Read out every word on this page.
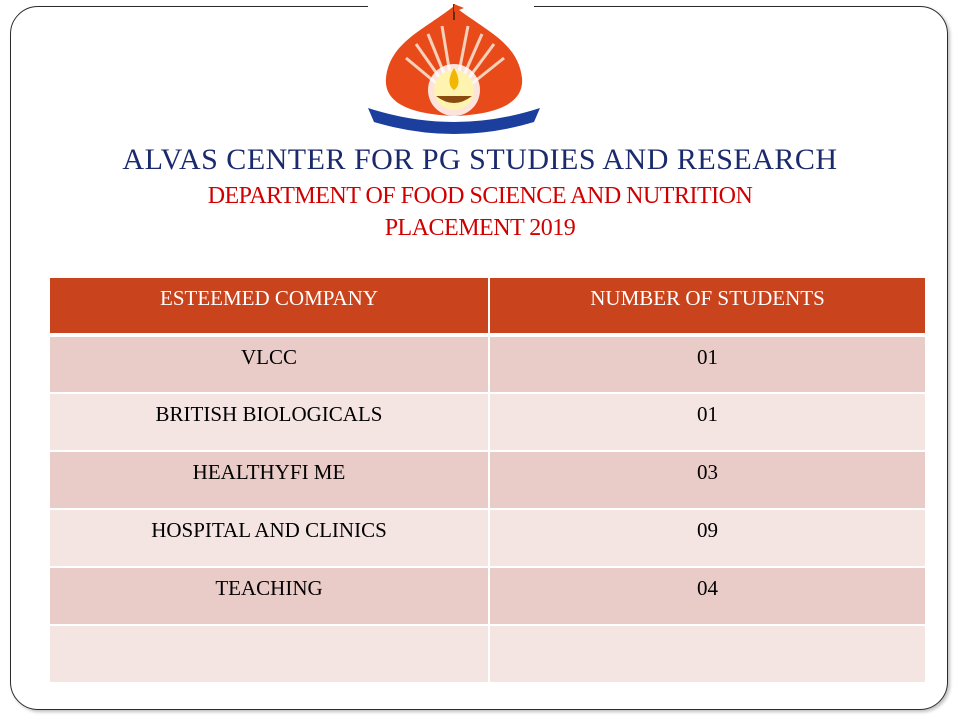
ALVAS CENTER FOR PG STUDIES AND RESEARCH
DEPARTMENT OF FOOD SCIENCE AND NUTRITION
PLACEMENT 2019
ESTEEMED COMPANY	NUMBER OF STUDENTS
VLCC	01
BRITISH BIOLOGICALS	01
HEALTHYFI ME	03
HOSPITAL AND CLINICS	09
TEACHING	04
